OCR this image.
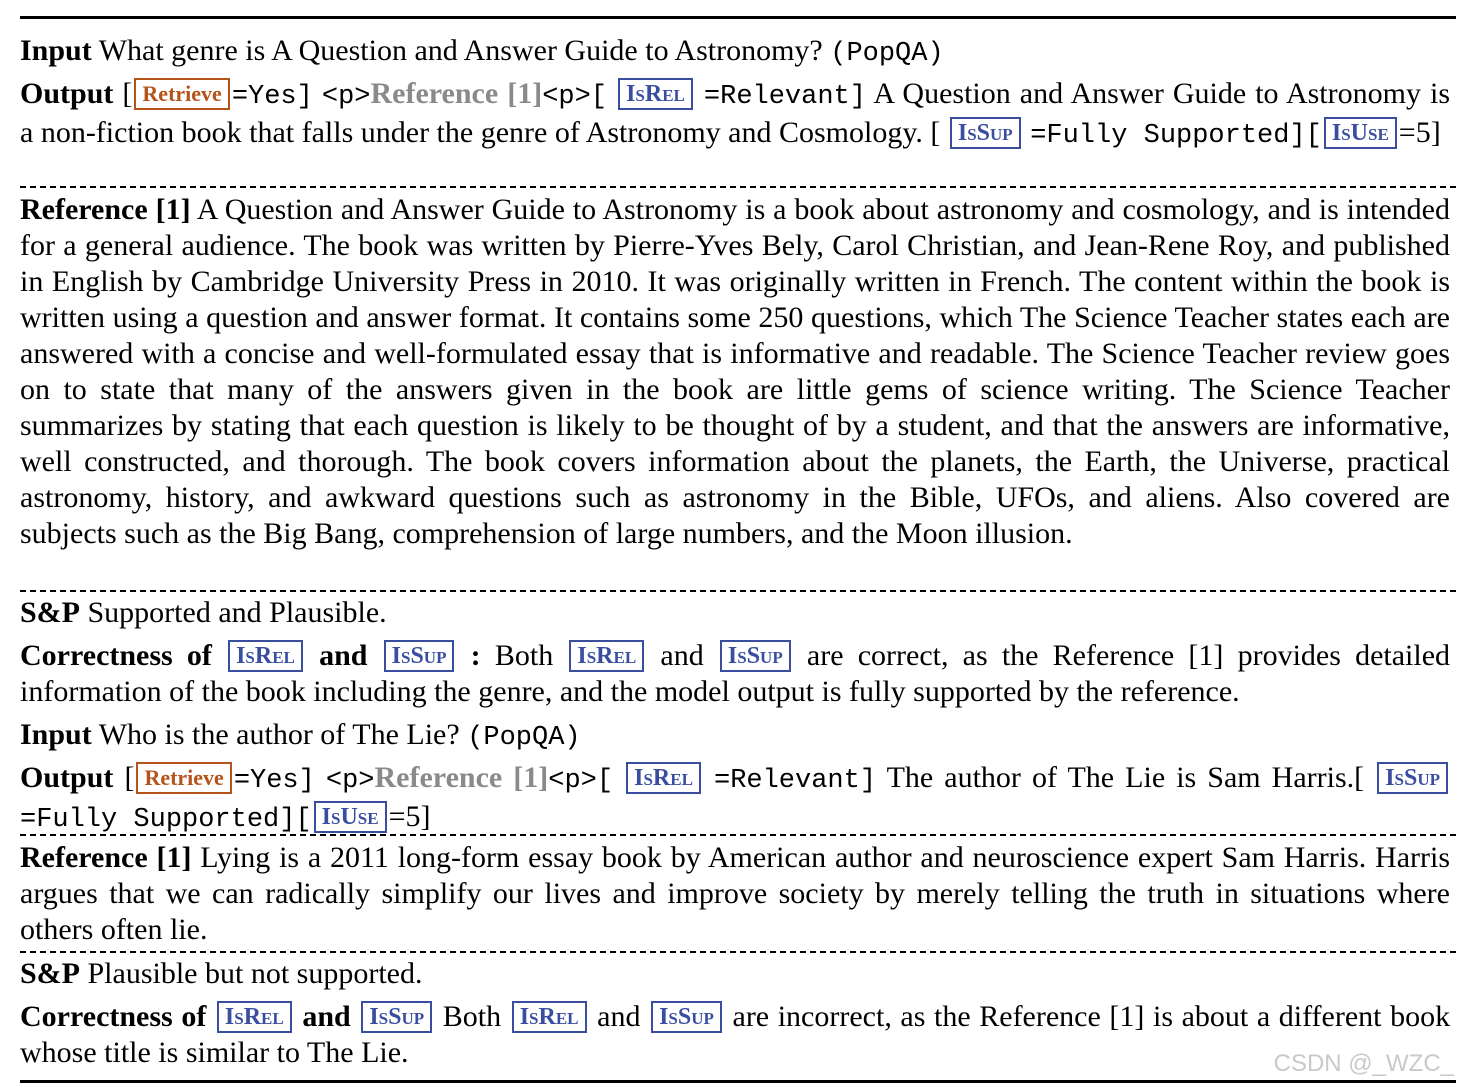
Input What genre is A Question and Answer Guide to Astronomy? (PopQA)
Output [ Retrieve =Yes] <p>Reference [1]<p>[ IsRel =Relevant] A Question and Answer Guide to Astronomy is a non-fiction book that falls under the genre of Astronomy and Cosmology. [ IsSup =Fully Supported][ IsUse =5]
Reference [1] A Question and Answer Guide to Astronomy is a book about astronomy and cosmology, and is intended for a general audience. The book was written by Pierre-Yves Bely, Carol Christian, and Jean-Rene Roy, and published in English by Cambridge University Press in 2010. It was originally written in French. The content within the book is written using a question and answer format. It contains some 250 questions, which The Science Teacher states each are answered with a concise and well-formulated essay that is informative and readable. The Science Teacher review goes on to state that many of the answers given in the book are little gems of science writing. The Science Teacher summarizes by stating that each question is likely to be thought of by a student, and that the answers are informative, well constructed, and thorough. The book covers information about the planets, the Earth, the Universe, practical astronomy, history, and awkward questions such as astronomy in the Bible, UFOs, and aliens. Also covered are subjects such as the Big Bang, comprehension of large numbers, and the Moon illusion.
S&P Supported and Plausible.
Correctness of IsRel and IsSup : Both IsRel and IsSup are correct, as the Reference [1] provides detailed information of the book including the genre, and the model output is fully supported by the reference.
Input Who is the author of The Lie? (PopQA)
Output [ Retrieve =Yes] <p>Reference [1]<p>[ IsRel =Relevant] The author of The Lie is Sam Harris.[ IsSup=Fully Supported][ IsUse =5]
Reference [1] Lying is a 2011 long-form essay book by American author and neuroscience expert Sam Harris. Harris argues that we can radically simplify our lives and improve society by merely telling the truth in situations where others often lie.
S&P Plausible but not supported.
Correctness of IsRel and IsSup Both IsRel and IsSup are incorrect, as the Reference [1] is about a different book whose title is similar to The Lie.	CSDN @_WZC_
